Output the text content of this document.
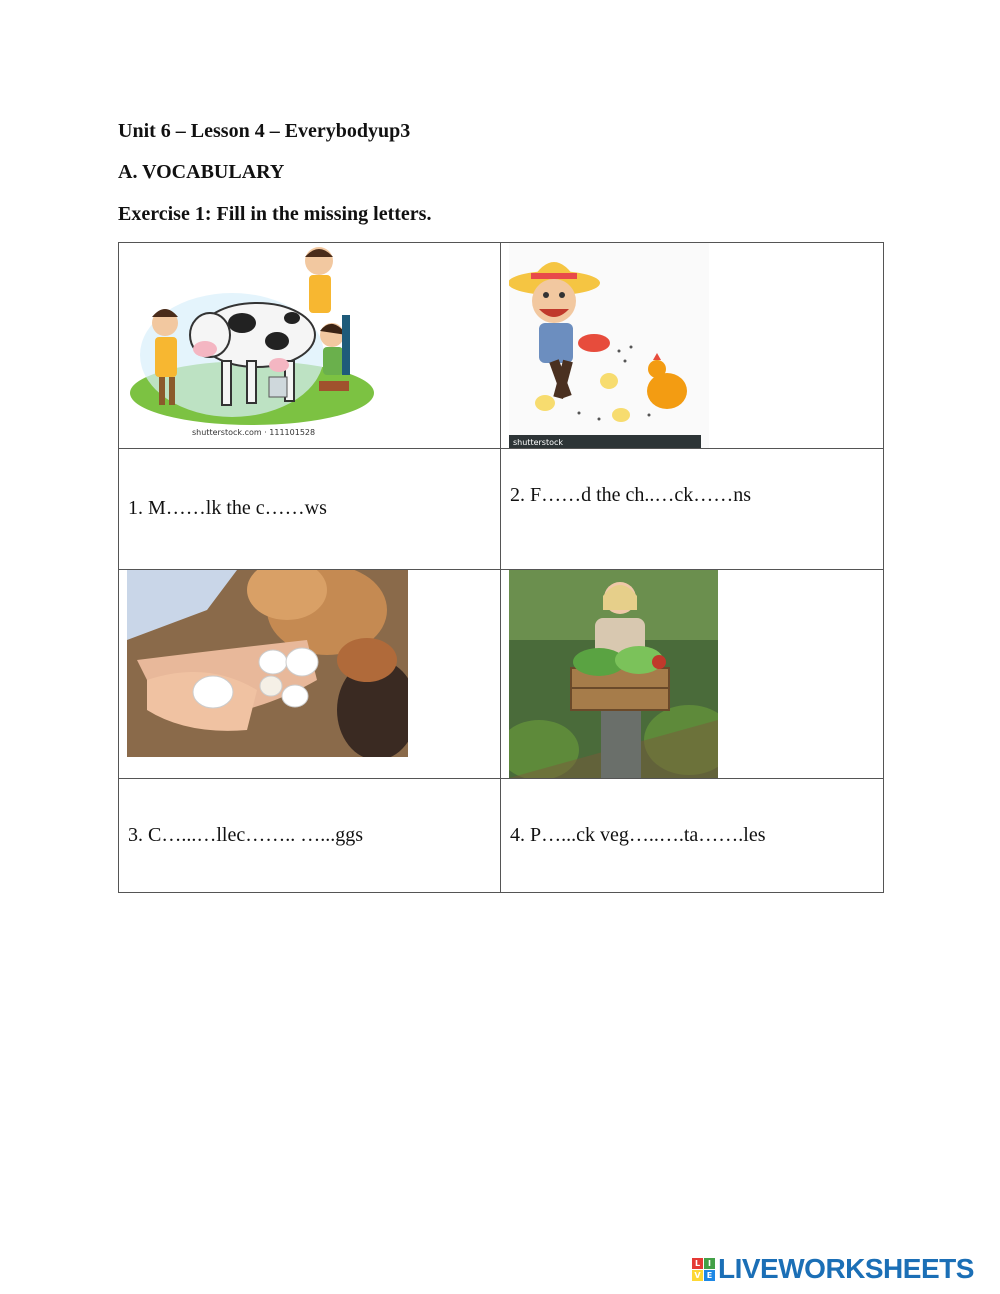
Unit 6 – Lesson 4 – Everybodyup3
A. VOCABULARY
Exercise 1: Fill in the missing letters.
shutterstock.com · 111101528	shutterstock

1. M……lk the c……ws	2. F……d the ch..…ck……ns

3. C…...…llec…….. …...ggs	4. P…...ck veg…..….ta…….les
L I
V E LIVEWORKSHEETS
